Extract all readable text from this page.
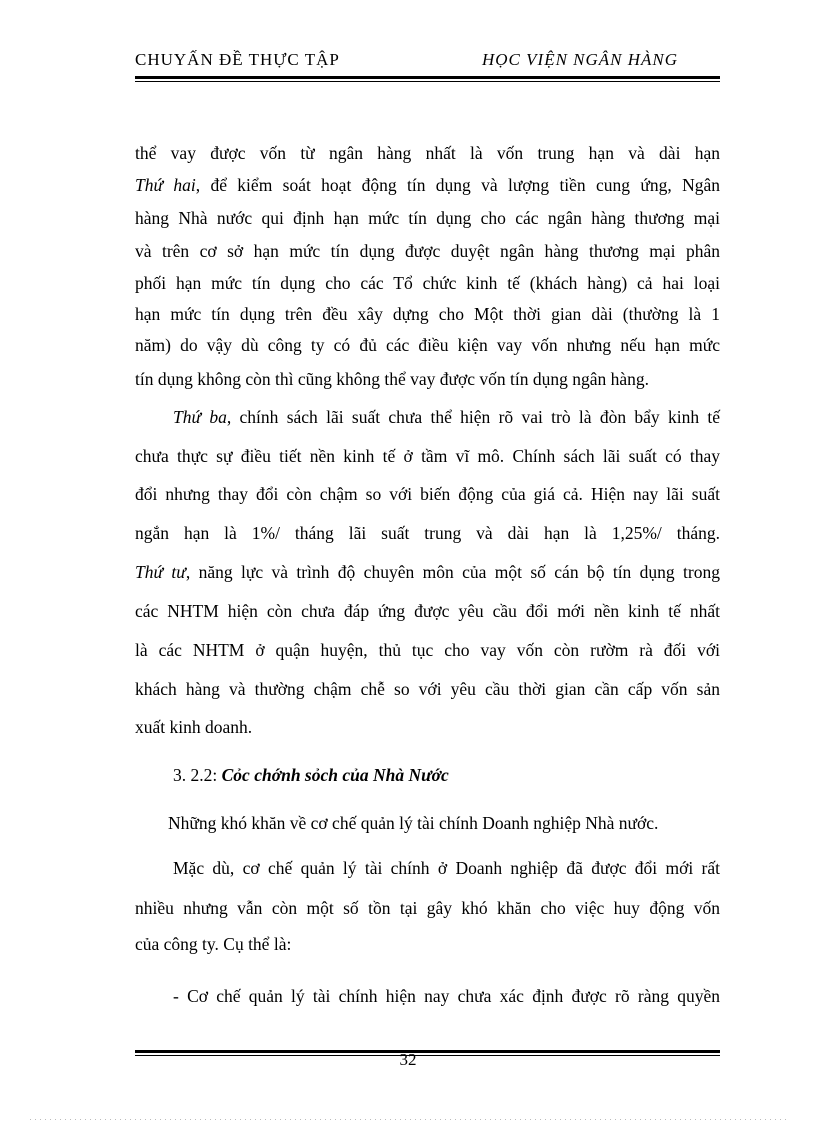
CHUYẤN ĐỀ THỰC TẬP	HỌC VIỆN NGÂN HÀNG
thể vay được vốn từ ngân hàng nhất là vốn trung hạn và dài hạn
Thứ hai, để kiểm soát hoạt động tín dụng và lượng tiền cung ứng, Ngân
hàng Nhà nước qui định hạn mức tín dụng cho các ngân hàng thương mại
và trên cơ sở hạn mức tín dụng được duyệt ngân hàng thương mại phân
phối hạn mức tín dụng cho các Tổ chức kinh tế (khách hàng) cả hai loại
hạn mức tín dụng trên đều xây dựng cho Một thời gian dài (thường là 1
năm) do vậy dù công ty có đủ các điều kiện vay vốn nhưng nếu hạn mức
tín dụng không còn thì cũng không thể vay được vốn tín dụng ngân hàng.
Thứ ba, chính sách lãi suất chưa thể hiện rõ vai trò là đòn bẩy kinh tế
chưa thực sự điều tiết nền kinh tế ở tầm vĩ mô. Chính sách lãi suất có thay
đổi nhưng thay đổi còn chậm so với biến động của giá cả. Hiện nay lãi suất
ngắn hạn là 1%/ tháng lãi suất trung và dài hạn là 1,25%/ tháng.
Thứ tư, năng lực và trình độ chuyên môn của một số cán bộ tín dụng trong
các NHTM hiện còn chưa đáp ứng được yêu cầu đổi mới nền kinh tế nhất
là các NHTM ở quận huyện, thủ tục cho vay vốn còn rườm rà đối với
khách hàng và thường chậm chễ so với yêu cầu thời gian cần cấp vốn sản
xuất kinh doanh.
3. 2.2: Cỏc chớnh sỏch của Nhà Nước
Những khó khăn về cơ chế quản lý tài chính Doanh nghiệp Nhà nước.
Mặc dù, cơ chế quản lý tài chính ở Doanh nghiệp đã được đổi mới rất
nhiều nhưng vẫn còn một số tồn tại gây khó khăn cho việc huy động vốn
của công ty. Cụ thể là:
- Cơ chế quản lý tài chính hiện nay chưa xác định được rõ ràng quyền
32
